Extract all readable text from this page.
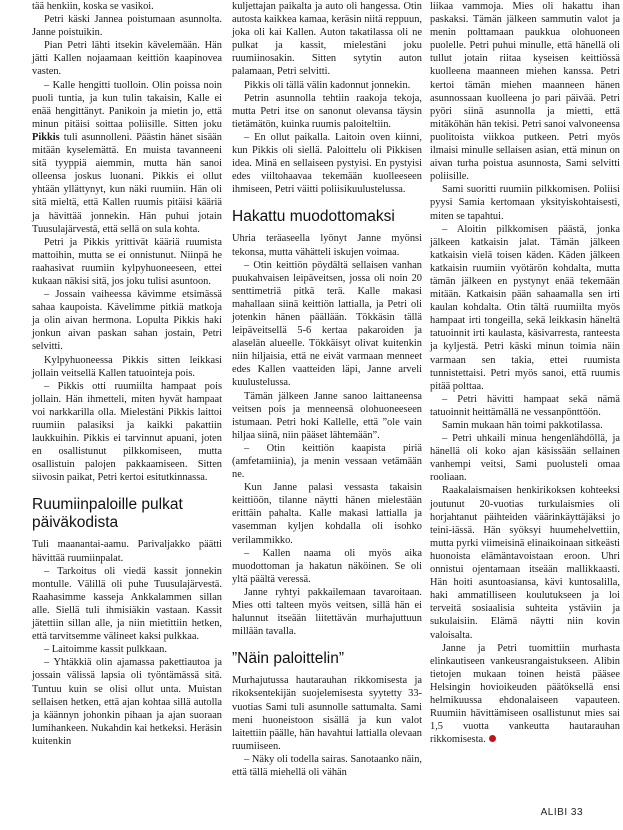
tää henkiin, koska se vasikoi.

Petri käski Jannea poistumaan asunnolta. Janne poistuikin.

Pian Petri lähti itsekin kävelemään. Hän jätti Kallen nojaamaan keittiön kaapinovea vasten.

– Kalle hengitti tuolloin. Olin poissa noin puoli tuntia, ja kun tulin takaisin, Kalle ei enää hengittänyt. Panikoin ja mietin jo, että minun pitäisi soittaa poliisille. Sitten joku Pikkis tuli asunnolleni. Päästin hänet sisään mitään kyselemättä. En muista tavanneeni sitä tyyppiä aiemmin, mutta hän sanoi olleensa joskus luonani. Pikkis ei ollut yhtään yllättynyt, kun näki ruumiin. Hän oli sitä mieltä, että Kallen ruumis pitäisi kääriä ja hävittää jonnekin. Hän puhui jotain Tuusulajärvestä, että sellä on sula kohta.

Petri ja Pikkis yrittivät kääriä ruumista mattoihin, mutta se ei onnistunut. Niinpä he raahasivat ruumiin kylpyhuoneeseen, ettei kukaan näkisi sitä, jos joku tulisi asuntoon.

– Jossain vaiheessa kävimme etsimässä sahaa kaupoista. Kävelimme pitkiä matkoja ja olin aivan hermona. Lopulta Pikkis haki jonkun aivan paskan sahan jostain, Petri selvitti.

Kylpyhuoneessa Pikkis sitten leikkasi jollain veitsellä Kallen tatuointeja pois.

– Pikkis otti ruumiilta hampaat pois jollain. Hän ihmetteli, miten hyvät hampaat voi narkkarilla olla. Mielestäni Pikkis laittoi ruumiin palasiksi ja kaikki pakattiin laukkuihin. Pikkis ei tarvinnut apuani, joten en osallistunut pilkkomiseen, mutta osallistuin palojen pakkaamiseen. Sitten siivosin paikat, Petri kertoi esitutkinnassa.

Ruumiinpaloille pulkat päiväkodista

Tuli maanantai-aamu. Parivaljakko päätti hävittää ruumiinpalat.

– Tarkoitus oli viedä kassit jonnekin montulle. Välillä oli puhe Tuusulajärvestä. Raahasimme kasseja Ankkalammen sillan alle. Siellä tuli ihmisiäkin vastaan. Kassit jätettiin sillan alle, ja niin mietittiin hetken, että tarvitsemme välineet kaksi pulkkaa.

– Laitoimme kassit pulkkaan.

– Yhtäkkiä olin ajamassa pakettiautoa ja jossain välissä lapsia oli työntämässä sitä. Tuntuu kuin se olisi ollut unta. Muistan sellaisen hetken, että ajan kohtaa sillä autolla ja käännyn johonkin pihaan ja ajan suoraan lumihankeen. Nukahdin kai hetkeksi. Heräsin kuitenkin

kuljettajan paikalta ja auto oli hangessa. Otin autosta kaikkea kamaa, keräsin niitä reppuun, joka oli kai Kallen. Auton takatilassa oli ne pulkat ja kassit, mielestäni joku ruumiinosakin. Sitten sytytin auton palamaan, Petri selvitti.

Pikkis oli tällä välin kadonnut jonnekin.

Petrin asunnolla tehtiin raakoja tekoja, mutta Petri itse on sanonut olevansa täysin tietämätön, kuinka ruumis paloiteltiin.

– En ollut paikalla. Laitoin oven kiinni, kun Pikkis oli siellä. Paloittelu oli Pikkisen idea. Minä en sellaiseen pystyisi. En pystyisi edes viiltohaavaa tekemään kuolleeseen ihmiseen, Petri väitti poliisikuulustelussa.

Hakattu muodottomaksi

Uhria teräaseella lyönyt Janne myönsi tekonsa, mutta vähätteli iskujen voimaa.

– Otin keittiön pöydältä sellaisen vanhan puukahvaisen leipäveitsen, jossa oli noin 20 senttimetriä pitkä terä. Kalle makasi mahallaan siinä keittiön lattialla, ja Petri oli jotenkin hänen päällään. Tökkäsin tällä leipäveitsellä 5-6 kertaa pakaroiden ja alaselän alueelle. Tökkäisyt olivat kuitenkin niin hiljaisia, että ne eivät varmaan menneet edes Kallen vaatteiden läpi, Janne arveli kuulustelussa.

Tämän jälkeen Janne sanoo laittaneensa veitsen pois ja menneensä olohuoneeseen istumaan. Petri hoki Kallelle, että ”ole vain hiljaa siinä, niin pääset lähtemään”.

– Otin keittiön kaapista piriä (amfetamiinia), ja menin vessaan vetämään ne.

Kun Janne palasi vessasta takaisin keittiöön, tilanne näytti hänen mielestään erittäin pahalta. Kalle makasi lattialla ja vasemman kyljen kohdalla oli isohko verilammikko.

– Kallen naama oli myös aika muodottoman ja hakatun näköinen. Se oli yltä päältä veressä.

Janne ryhtyi pakkailemaan tavaroitaan. Mies otti talteen myös veitsen, sillä hän ei halunnut itseään liitettävän murhajuttuun millään tavalla.

”Näin paloittelin”

Murhajutussa hautarauhan rikkomisesta ja rikoksentekijän suojelemisesta syytetty 33-vuotias Sami tuli asunnolle sattumalta. Sami meni huoneistoon sisällä ja kun valot laitettiin päälle, hän havahtui lattialla olevaan ruumiiseen.

– Näky oli todella sairas. Sanotaanko näin, että tällä miehellä oli vähän

liikaa vammoja. Mies oli hakattu ihan paskaksi. Tämän jälkeen sammutin valot ja menin polttamaan paukkua olohuoneen puolelle. Petri puhui minulle, että hänellä oli tullut jotain riitaa kyseisen keittiössä kuolleena maanneen miehen kanssa. Petri kertoi tämän miehen maanneen hänen asunnossaan kuolleena jo pari päivää. Petri pyöri siinä asunnolla ja mietti, että mitäköhän hän tekisi. Petri sanoi valvoneensa puolitoista viikkoa putkeen. Petri myös ilmaisi minulle sellaisen asian, että minun on aivan turha poistua asunnosta, Sami selvitti poliisille.

Sami suoritti ruumiin pilkkomisen. Poliisi pyysi Samia kertomaan yksityiskohtaisesti, miten se tapahtui.

– Aloitin pilkkomisen päästä, jonka jälkeen katkaisin jalat. Tämän jälkeen katkaisin vielä toisen käden. Käden jälkeen katkaisin ruumiin vyötärön kohdalta, mutta tämän jälkeen en pystynyt enää tekemään mitään. Katkaisin pään sahaamalla sen irti kaulan kohdalta. Otin tältä ruumiilta myös hampaat irti tongeilla, sekä leikkasin häneltä tatuoinnit irti kaulasta, käsivarresta, ranteesta ja kyljestä. Petri käski minun toimia näin varmaan sen takia, ettei ruumista tunnistettaisi. Petri myös sanoi, että ruumis pitää polttaa.

– Petri hävitti hampaat sekä nämä tatuoinnit heittämällä ne vessanpönttöön.

Samin mukaan hän toimi pakkotilassa.

– Petri uhkaili minua hengenlähdöllä, ja hänellä oli koko ajan käsissään sellainen vanhempi veitsi, Sami puolusteli omaa rooliaan.

Raakalaismaisen henkirikoksen kohteeksi joutunut 20-vuotias turkulaismies oli horjahtanut päihteiden väärinkäyttäjäksi jo teini-iässä. Hän syöksyi huumehelvettiin, mutta pyrki viimeisinä elinaikoinaan sitkeästi huonoista elämäntavoistaan eroon. Uhri onnistui ojentamaan itseään mallikkaasti. Hän hoiti asuntoasiansa, kävi kuntosalilla, haki ammatilliseen koulutukseen ja loi terveitä sosiaalisia suhteita ystäviin ja sukulaisiin. Elämä näytti niin kovin valoisalta.

Janne ja Petri tuomittiin murhasta elinkautiseen vankeusrangaistukseen. Alibin tietojen mukaan toinen heistä pääsee Helsingin hovioikeuden päätöksellä ensi helmikuussa ehdonalaiseen vapauteen. Ruumiin hävittämiseen osallistunut mies sai 1,5 vuotta vankeutta hautarauhan rikkomisesta.

ALIBI 33
